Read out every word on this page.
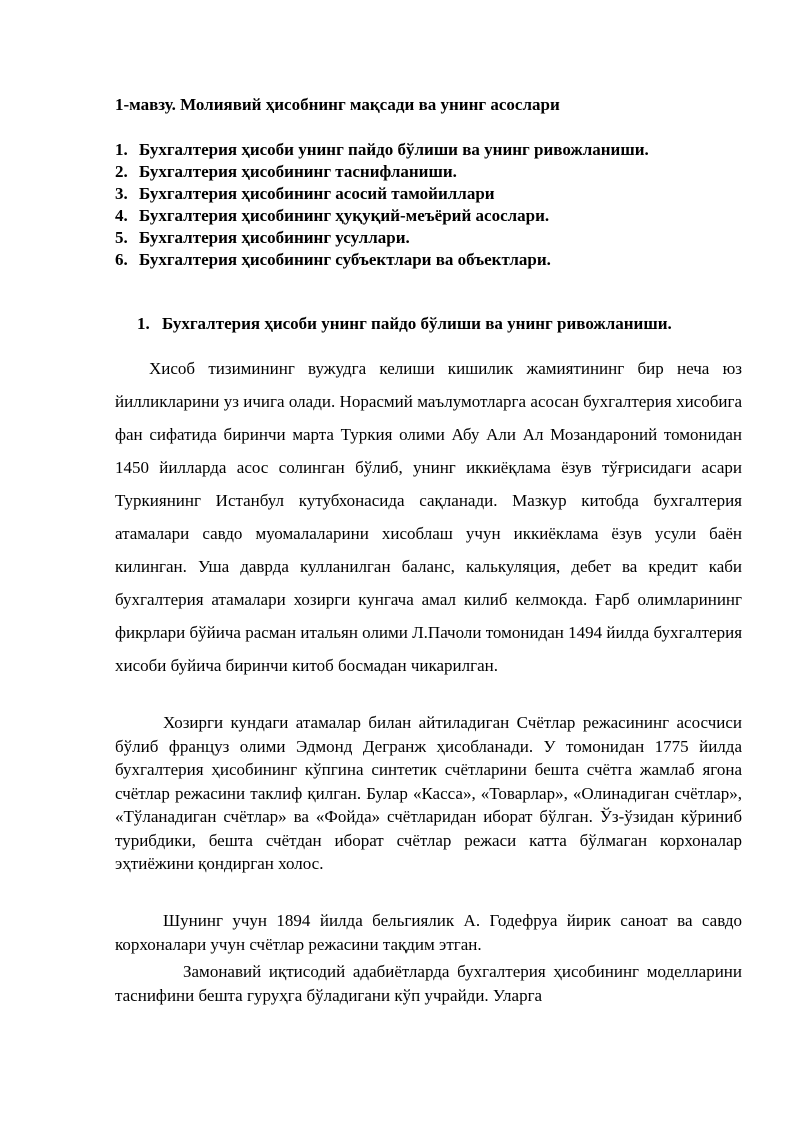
1-мавзу. Молиявий ҳисобнинг мақсади ва унинг асослари
1. Бухгалтерия ҳисоби унинг пайдо бўлиши ва унинг ривожланиши.
2. Бухгалтерия ҳисобининг таснифланиши.
3. Бухгалтерия ҳисобининг асосий тамойиллари
4. Бухгалтерия ҳисобининг ҳуқуқий-меъёрий асослари.
5. Бухгалтерия ҳисобининг усуллари.
6. Бухгалтерия ҳисобининг субъектлари ва объектлари.
1. Бухгалтерия ҳисоби унинг пайдо бўлиши ва унинг ривожланиши.

Хисоб тизимининг вужудга келиши кишилик жамиятининг бир неча юз йилликларини уз ичига олади. Норасмий маълумотларга асосан бухгалтерия хисобига фан сифатида биринчи марта Туркия олими Абу Али Ал Мозандароний томонидан 1450 йилларда асос солинган бўлиб, унинг иккиёқлама ёзув тўғрисидаги асари Туркиянинг Истанбул кутубхонасида сақланади. Мазкур китобда бухгалтерия атамалари савдо муомалаларини хисоблаш учун иккиёклама ёзув усули баён килинган. Уша даврда кулланилган баланс, калькуляция, дебет ва кредит каби бухгалтерия атамалари хозирги кунгача амал килиб келмокда. Ғарб олимларининг фикрлари бўйича расман итальян олими Л.Пачоли томонидан 1494 йилда бухгалтерия хисоби буйича биринчи китоб босмадан чикарилган.

Хозирги кундаги атамалар билан айтиладиган Счётлар режасининг асосчиси бўлиб француз олими Эдмонд Дегранж ҳисобланади. У томонидан 1775 йилда бухгалтерия ҳисобининг кўпгина синтетик счётларини бешта счётга жамлаб ягона счётлар режасини таклиф қилган. Булар «Касса», «Товарлар», «Олинадиган счётлар», «Тўланадиган счётлар» ва «Фойда» счётларидан иборат бўлган. Ўз-ўзидан кўриниб турибдики, бешта счётдан иборат счётлар режаси катта бўлмаган корхоналар эҳтиёжини қондирган холос.

Шунинг учун 1894 йилда бельгиялик А. Годефруа йирик саноат ва савдо корхоналари учун счётлар режасини тақдим этган.

Замонавий иқтисодий адабиётларда бухгалтерия ҳисобининг моделларини таснифини бешта гуруҳга бўладигани кўп учрайди. Уларга
